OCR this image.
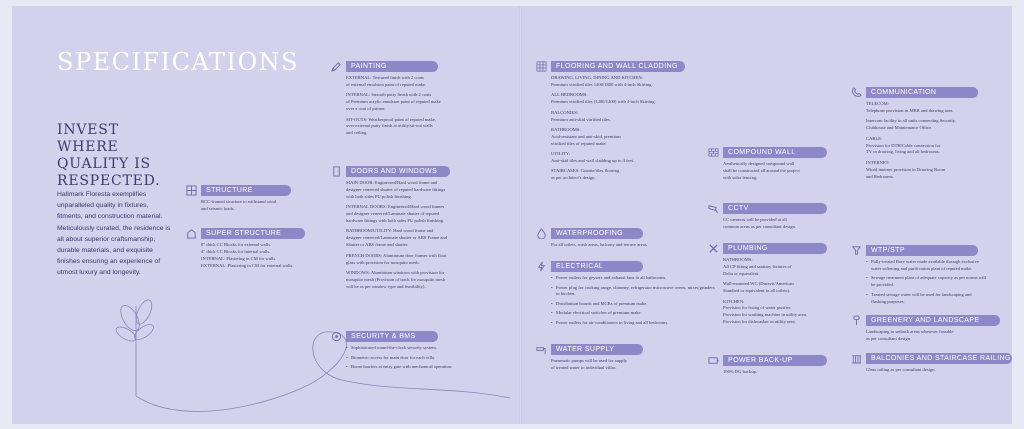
SPECIFICATIONS
INVEST WHERE
QUALITY IS
RESPECTED.
Hallmark Floresta exemplifies unparalleled quality in fixtures, fitments, and construction material. Meticulously curated, the residence is all about superior craftsmanship, durable materials, and exquisite finishes ensuring an experience of utmost luxury and longevity.
STRUCTURE
RCC-framed structure to withstand wind
and seismic loads.
SUPER STRUCTURE
8" thick CC Blocks for external walls.
4" thick CC Blocks for internal walls.
INTERNAL: Plastering in CM for walls.
EXTERNAL: Plastering in CM for external walls.
PAINTING

EXTERNAL: Textured finish with 2 coats
of external emulsion paint of reputed make.

INTERNAL: Smooth putty finish with 2 coats
of Premium acrylic emulsion paint of reputed make
over a coat of primer.

SIT-OUTS: Weatherproof paint of reputed make,
over external putty finish at utility/sit-out walls
and ceiling.

DOORS AND WINDOWS

MAIN DOOR: Engineered/Hard wood frame and
designer veneered shutter of reputed hardware fittings
with both sides PU polish finishing.

INTERNAL DOORS: Engineered/Hard wood frames
and designer veneered/Laminate shutter of reputed
hardware fittings with both sides PU polish finishing.

BATHROOM/UTILITY: Hard wood frame and
designer veneered/Laminate shutter or ABS Frame and
Shutter or ABS frame and shutter.

FRENCH DOORS: Aluminium door frames with float
glass with provision for mosquito mesh.

WINDOWS: Aluminium windows with provision for
mosquito mesh (Provision of track for mosquito mesh
will be as per window type and feasibility).

SECURITY & BMS
• Sophisticated round-the-clock security system.
• Biometric access for main door for each villa.
• Boom barriers at entry gate with mechanical operation.
FLOORING AND WALL CLADDING

DRAWING, LIVING, DINING AND KITCHEN:
Premium vitrified tiles 1200/1800 with 4-inch Skirting.

ALL BEDROOMS:
Premium vitrified tiles (1200/1200) with 4-inch Skirting.

BALCONIES:
Premium anti-skid vitrified tiles.

BATHROOMS:
Acid-resistant and anti-skid, premium
vitrified tiles of reputed make.

UTILITY:
Anti-skid tiles and wall cladding up to 4 feet.

STAIRCASES: Granite/tiles flooring
as per architect's design.

WATERPROOFING
For all toilets, wash areas, balcony and terrace areas.
ELECTRICAL
• Power outlets for geysers and exhaust fans in all bathrooms.
• Power plug for cooking range, chimney, refrigerator microwave ovens, mixer/grinders in kitchen.
• Distribution boards and MCBs of premium make.
• Modular electrical switches of premium make.
• Power outlets for air-conditioners in living and all bedrooms.
WATER SUPPLY
Pneumatic pumps will be used for supply
of treated water to individual villas.
COMPOUND WALL
Aesthetically designed compound wall
shall be constructed all around the project
with solar fencing.
CCTV
CC cameras will be provided at all
common areas as per consultant design.
PLUMBING

BATHROOMS:
All CP fitting and sanitary fixtures of
Delta or equivalent.

Wall-mounted WC (Duravit/American
Standard or equivalent in all toilets).

KITCHEN:
Provision for fixing of water purifier.
Provision for washing machine in utility area.
Provision for dishwasher in utility area.

POWER BACK-UP
100% DG backup.
COMMUNICATION

TELECOM:
Telephone provision in MBR and drawing area.

Intercom facility to all units connecting Security,
Clubhouse and Maintenance Office.

CABLE:
Provision for DTH/Cable connection for
TV in drawing, living and all bedrooms.

INTERNET:
Wired internet provision in Drawing Room
and Bedrooms.

WTP/STP
• Fully-treated Bore water made available through exclusive water softening and purification plant of reputed make.
• Sewage treatment plant of adequate capacity as per norms will be provided.
• Treated sewage water will be used for landscaping and flushing purposes.
GREENERY AND LANDSCAPE
Landscaping in setback areas wherever feasible
as per consultant design.
BALCONIES AND STAIRCASE RAILING
Glass railing as per consultant design.
